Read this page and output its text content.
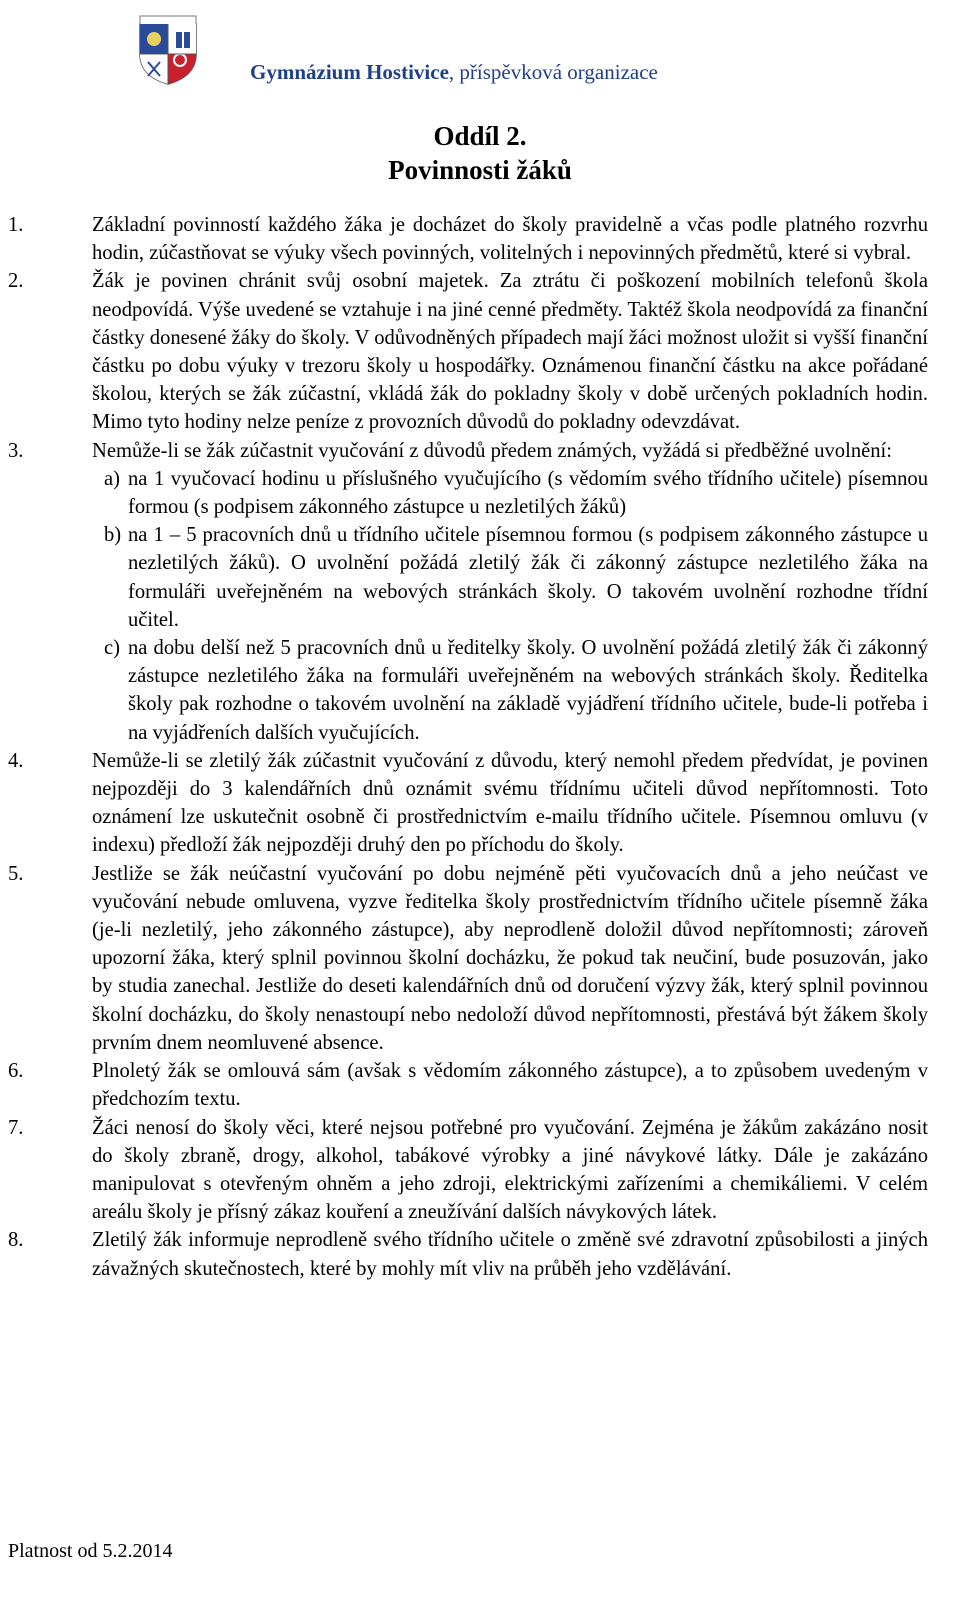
Gymnázium Hostivice, příspěvková organizace
Oddíl 2.
Povinnosti žáků
1.	Základní povinností každého žáka je docházet do školy pravidelně a včas podle platného rozvrhu hodin, zúčastňovat se výuky všech povinných, volitelných i nepovinných předmětů, které si vybral.
2.	Žák je povinen chránit svůj osobní majetek. Za ztrátu či poškození mobilních telefonů škola neodpovídá. Výše uvedené se vztahuje i na jiné cenné předměty. Taktéž škola neodpovídá za finanční částky donesené žáky do školy. V odůvodněných případech mají žáci možnost uložit si vyšší finanční částku po dobu výuky v trezoru školy u hospodářky. Oznámenou finanční částku na akce pořádané školou, kterých se žák zúčastní, vkládá žák do pokladny školy v době určených pokladních hodin. Mimo tyto hodiny nelze peníze z provozních důvodů do pokladny odevzdávat.
3.	Nemůže-li se žák zúčastnit vyučování z důvodů předem známých, vyžádá si předběžné uvolnění:
a) na 1 vyučovací hodinu u příslušného vyučujícího (s vědomím svého třídního učitele) písemnou formou (s podpisem zákonného zástupce u nezletilých žáků)
b) na 1 – 5 pracovních dnů u třídního učitele písemnou formou (s podpisem zákonného zástupce u nezletilých žáků). O uvolnění požádá zletilý žák či zákonný zástupce nezletilého žáka na formuláři uveřejněném na webových stránkách školy. O takovém uvolnění rozhodne třídní učitel.
c) na dobu delší než 5 pracovních dnů u ředitelky školy. O uvolnění požádá zletilý žák či zákonný zástupce nezletilého žáka na formuláři uveřejněném na webových stránkách školy. Ředitelka školy pak rozhodne o takovém uvolnění na základě vyjádření třídního učitele, bude-li potřeba i na vyjádřeních dalších vyučujících.
4.	Nemůže-li se zletilý žák zúčastnit vyučování z důvodu, který nemohl předem předvídat, je povinen nejpozději do 3 kalendářních dnů oznámit svému třídnímu učiteli důvod nepřítomnosti. Toto oznámení lze uskutečnit osobně či prostřednictvím e-mailu třídního učitele. Písemnou omluvu (v indexu) předloží žák nejpozději druhý den po příchodu do školy.
5.	Jestliže se žák neúčastní vyučování po dobu nejméně pěti vyučovacích dnů a jeho neúčast ve vyučování nebude omluvena, vyzve ředitelka školy prostřednictvím třídního učitele písemně žáka (je-li nezletilý, jeho zákonného zástupce), aby neprodleně doložil důvod nepřítomnosti; zároveň upozorní žáka, který splnil povinnou školní docházku, že pokud tak neučiní, bude posuzován, jako by studia zanechal. Jestliže do deseti kalendářních dnů od doručení výzvy žák, který splnil povinnou školní docházku, do školy nenastoupí nebo nedoloží důvod nepřítomnosti, přestává být žákem školy prvním dnem neomluvené absence.
6.	Plnoletý žák se omlouvá sám (avšak s vědomím zákonného zástupce), a to způsobem uvedeným v předchozím textu.
7.	Žáci nenosí do školy věci, které nejsou potřebné pro vyučování. Zejména je žákům zakázáno nosit do školy zbraně, drogy, alkohol, tabákové výrobky a jiné návykové látky. Dále je zakázáno manipulovat s otevřeným ohněm a jeho zdroji, elektrickými zařízeními a chemikáliemi. V celém areálu školy je přísný zákaz kouření a zneužívání dalších návykových látek.
8.	Zletilý žák informuje neprodleně svého třídního učitele o změně své zdravotní způsobilosti a jiných závažných skutečnostech, které by mohly mít vliv na průběh jeho vzdělávání.
Platnost od 5.2.2014
